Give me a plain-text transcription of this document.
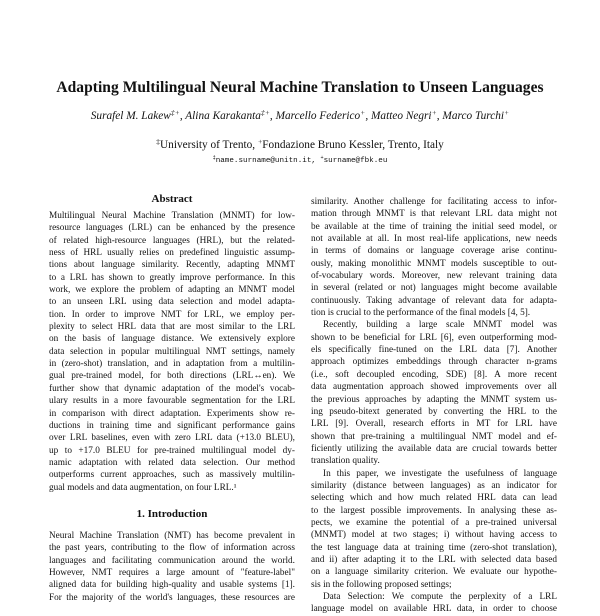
Adapting Multilingual Neural Machine Translation to Unseen Languages
Surafel M. Lakew‡+, Alina Karakanta‡+, Marcello Federico+, Matteo Negri+, Marco Turchi+
‡University of Trento, +Fondazione Bruno Kessler, Trento, Italy
‡name.surname@unitn.it, +surname@fbk.eu
Abstract
Multilingual Neural Machine Translation (MNMT) for low-
resource languages (LRL) can be enhanced by the presence
of related high-resource languages (HRL), but the related-
ness of HRL usually relies on predefined linguistic assump-
tions about language similarity. Recently, adapting MNMT
to a LRL has shown to greatly improve performance. In this
work, we explore the problem of adapting an MNMT model
to an unseen LRL using data selection and model adapta-
tion. In order to improve NMT for LRL, we employ per-
plexity to select HRL data that are most similar to the LRL
on the basis of language distance. We extensively explore
data selection in popular multilingual NMT settings, namely
in (zero-shot) translation, and in adaptation from a multilin-
gual pre-trained model, for both directions (LRL↔en). We
further show that dynamic adaptation of the model's vocab-
ulary results in a more favourable segmentation for the LRL
in comparison with direct adaptation. Experiments show re-
ductions in training time and significant performance gains
over LRL baselines, even with zero LRL data (+13.0 BLEU),
up to +17.0 BLEU for pre-trained multilingual model dy-
namic adaptation with related data selection. Our method
outperforms current approaches, such as massively multilin-
gual models and data augmentation, on four LRL.¹
1. Introduction
Neural Machine Translation (NMT) has become prevalent in
the past years, contributing to the flow of information across
languages and facilitating communication around the world.
However, NMT requires a large amount of "feature-label"
aligned data for building high-quality and usable systems [1].
For the majority of the world's languages, these resources are
similarity. Another challenge for facilitating access to infor-
mation through MNMT is that relevant LRL data might not
be available at the time of training the initial seed model, or
not available at all. In most real-life applications, new needs
in terms of domains or language coverage arise continu-
ously, making monolithic MNMT models susceptible to out-
of-vocabulary words. Moreover, new relevant training data
in several (related or not) languages might become available
continuously. Taking advantage of relevant data for adapta-
tion is crucial to the performance of the final models [4, 5].
Recently, building a large scale MNMT model was
shown to be beneficial for LRL [6], even outperforming mod-
els specifically fine-tuned on the LRL data [7]. Another
approach optimizes embeddings through character n-grams
(i.e., soft decoupled encoding, SDE) [8]. A more recent
data augmentation approach showed improvements over all
the previous approaches by adapting the MNMT system us-
ing pseudo-bitext generated by converting the HRL to the
LRL [9]. Overall, research efforts in MT for LRL have
shown that pre-training a multilingual NMT model and ef-
ficiently utilizing the available data are crucial towards better
translation quality.
In this paper, we investigate the usefulness of language
similarity (distance between languages) as an indicator for
selecting which and how much related HRL data can lead
to the largest possible improvements. In analysing these as-
pects, we examine the potential of a pre-trained universal
(MNMT) model at two stages; i) without having access to
the test language data at training time (zero-shot translation),
and ii) after adapting it to the LRL with selected data based
on a language similarity criterion. We evaluate our hypothe-
sis in the following proposed settings;
Data Selection: We compute the perplexity of a LRL
language model on available HRL data, in order to choose
